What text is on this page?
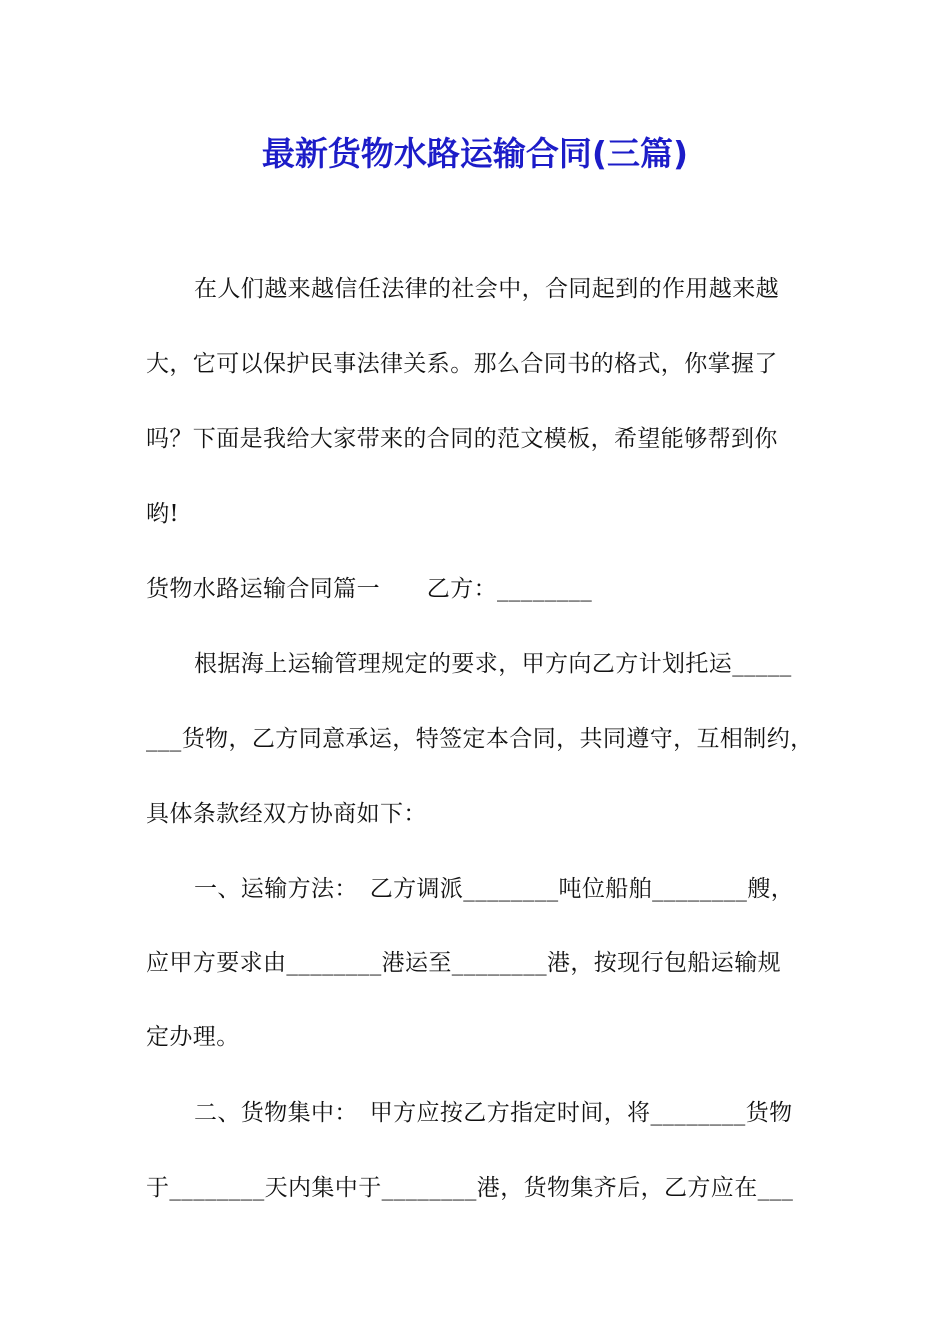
最新货物水路运输合同(三篇)
在人们越来越信任法律的社会中，合同起到的作用越来越
大，它可以保护民事法律关系。那么合同书的格式，你掌握了
吗？下面是我给大家带来的合同的范文模板，希望能够帮到你
哟!
货物水路运输合同篇一　　乙方：________
根据海上运输管理规定的要求，甲方向乙方计划托运_____
___货物，乙方同意承运，特签定本合同，共同遵守，互相制约，
具体条款经双方协商如下：
一、运输方法：　乙方调派________吨位船舶________艘，
应甲方要求由________港运至________港，按现行包船运输规
定办理。
二、货物集中：　甲方应按乙方指定时间，将________货物
于________天内集中于________港，货物集齐后，乙方应在___
